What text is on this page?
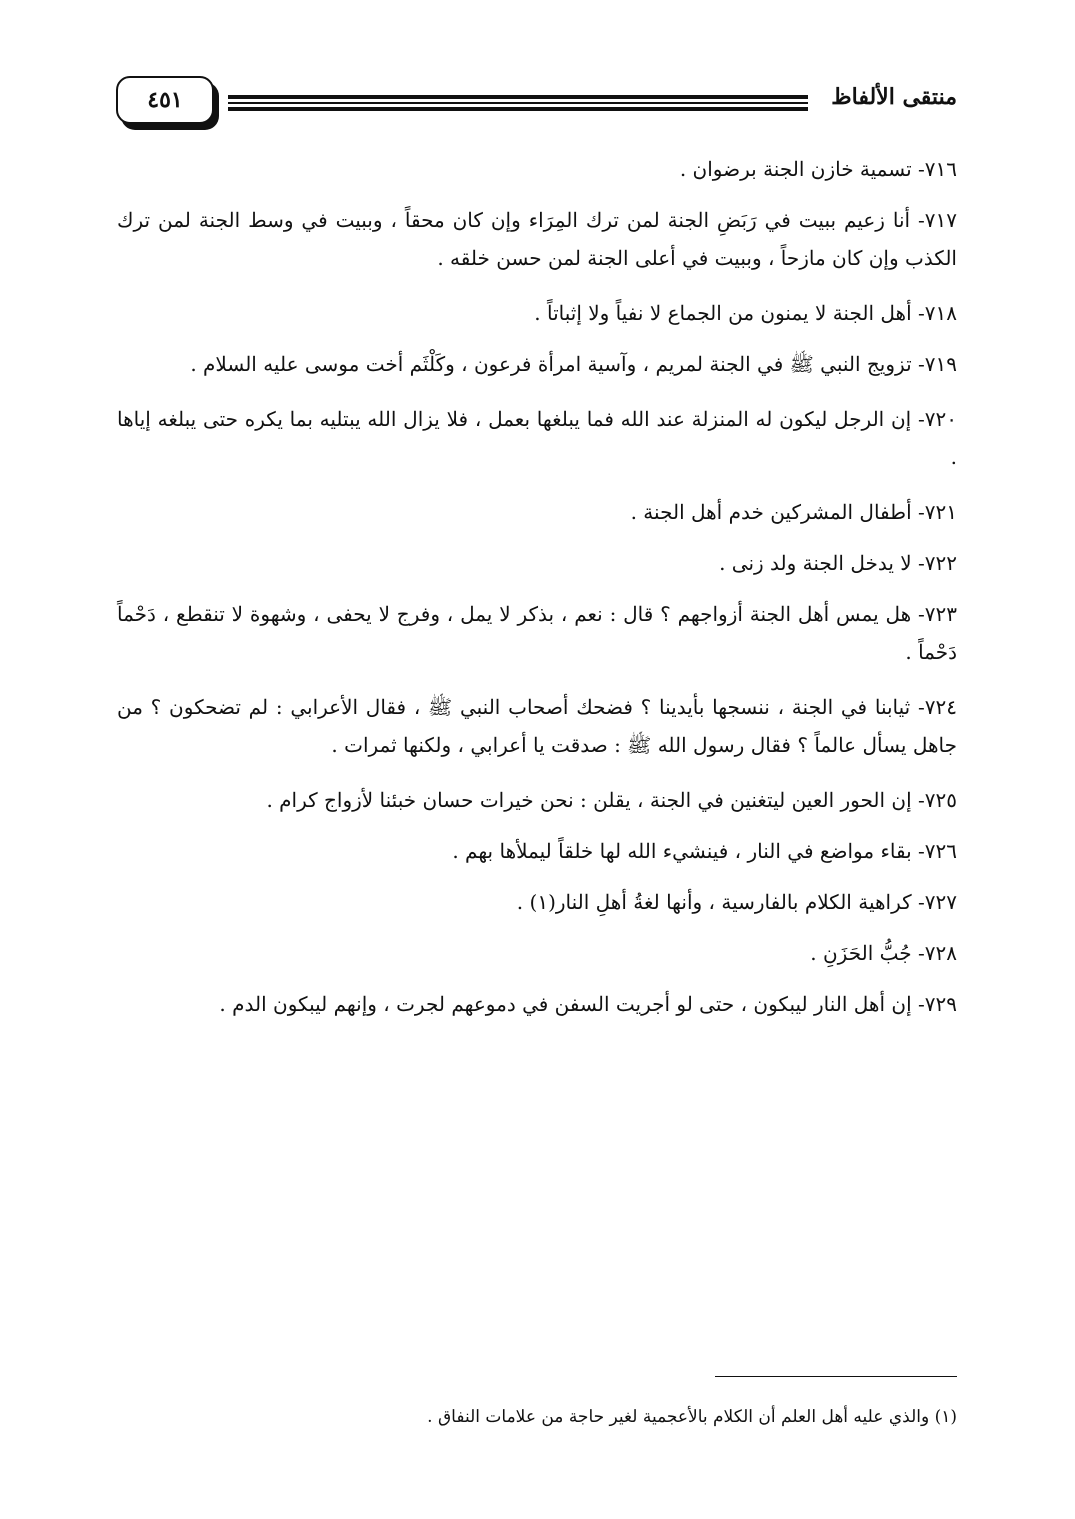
منتقى الألفاظ
٤٥١

٧١٦- تسمية خازن الجنة برضوان .

٧١٧- أنا زعيم ببيت في رَبَضِ الجنة لمن ترك المِرَاء وإن كان محقاً ، وببيت في وسط الجنة لمن ترك الكذب وإن كان مازحاً ، وببيت في أعلى الجنة لمن حسن خلقه .

٧١٨- أهل الجنة لا يمنون من الجماع لا نفياً ولا إثباتاً .

٧١٩- تزويج النبي ﷺ في الجنة لمريم ، وآسية امرأة فرعون ، وكَلْثَم أخت موسى عليه السلام .

٧٢٠- إن الرجل ليكون له المنزلة عند الله فما يبلغها بعمل ، فلا يزال الله يبتليه بما يكره حتى يبلغه إياها .

٧٢١- أطفال المشركين خدم أهل الجنة .

٧٢٢- لا يدخل الجنة ولد زنى .

٧٢٣- هل يمس أهل الجنة أزواجهم ؟ قال : نعم ، بذكر لا يمل ، وفرج لا يحفى ، وشهوة لا تنقطع ، دَحْماً دَحْماً .

٧٢٤- ثيابنا في الجنة ، ننسجها بأيدينا ؟ فضحك أصحاب النبي ﷺ ، فقال الأعرابي : لم تضحكون ؟ من جاهل يسأل عالماً ؟ فقال رسول الله ﷺ : صدقت يا أعرابي ، ولكنها ثمرات .

٧٢٥- إن الحور العين ليتغنين في الجنة ، يقلن : نحن خيرات حسان خبئنا لأزواج كرام .

٧٢٦- بقاء مواضع في النار ، فينشيء الله لها خلقاً ليملأها بهم .

٧٢٧- كراهية الكلام بالفارسية ، وأنها لغةُ أهلِ النار(١) .

٧٢٨- جُبُّ الحَزَنِ .

٧٢٩- إن أهل النار ليبكون ، حتى لو أجريت السفن في دموعهم لجرت ، وإنهم ليبكون الدم .

(١) والذي عليه أهل العلم أن الكلام بالأعجمية لغير حاجة من علامات النفاق .
